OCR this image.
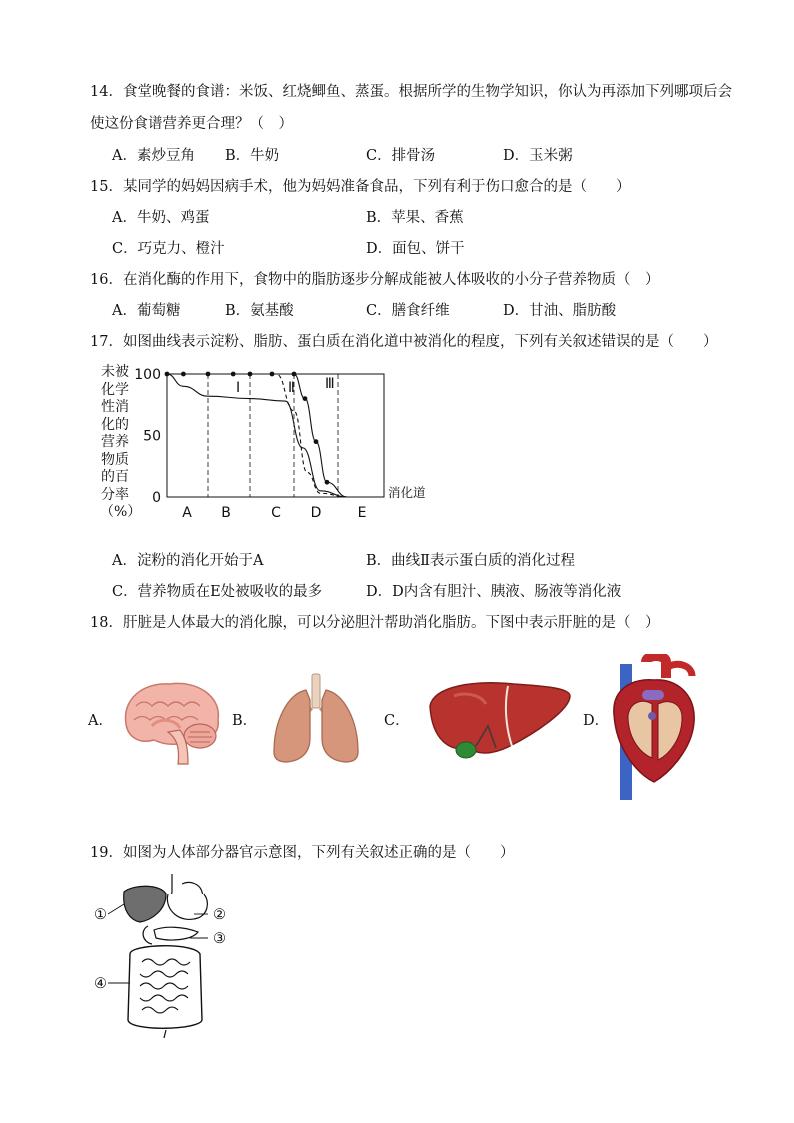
14．食堂晚餐的食谱：米饭、红烧鲫鱼、蒸蛋。根据所学的生物学知识，你认为再添加下列哪项后会
使这份食谱营养更合理？（　）
A．素炒豆角 B．牛奶	C．排骨汤	D．玉米粥
15．某同学的妈妈因病手术，他为妈妈准备食品，下列有利于伤口愈合的是（　　）
A．牛奶、鸡蛋	B．苹果、香蕉
C．巧克力、橙汁	D．面包、饼干
16．在消化酶的作用下，食物中的脂肪逐步分解成能被人体吸收的小分子营养物质（　）
A．葡萄糖	B．氨基酸	C．膳食纤维	D．甘油、脂肪酸
17．如图曲线表示淀粉、脂肪、蛋白质在消化道中被消化的程度，下列有关叙述错误的是（　　）
未被化学性消化的营养物质的百分率（%）
0
50
100
A B	C D	E
消化道
Ⅰ	Ⅱ Ⅲ
A．淀粉的消化开始于A	B．曲线Ⅱ表示蛋白质的消化过程
C．营养物质在E处被吸收的最多	D．D内含有胆汁、胰液、肠液等消化液
18．肝脏是人体最大的消化腺，可以分泌胆汁帮助消化脂肪。下图中表示肝脏的是（　）
A．	B．	C．	D．
19．如图为人体部分器官示意图，下列有关叙述正确的是（　　）
①	②
③
④
